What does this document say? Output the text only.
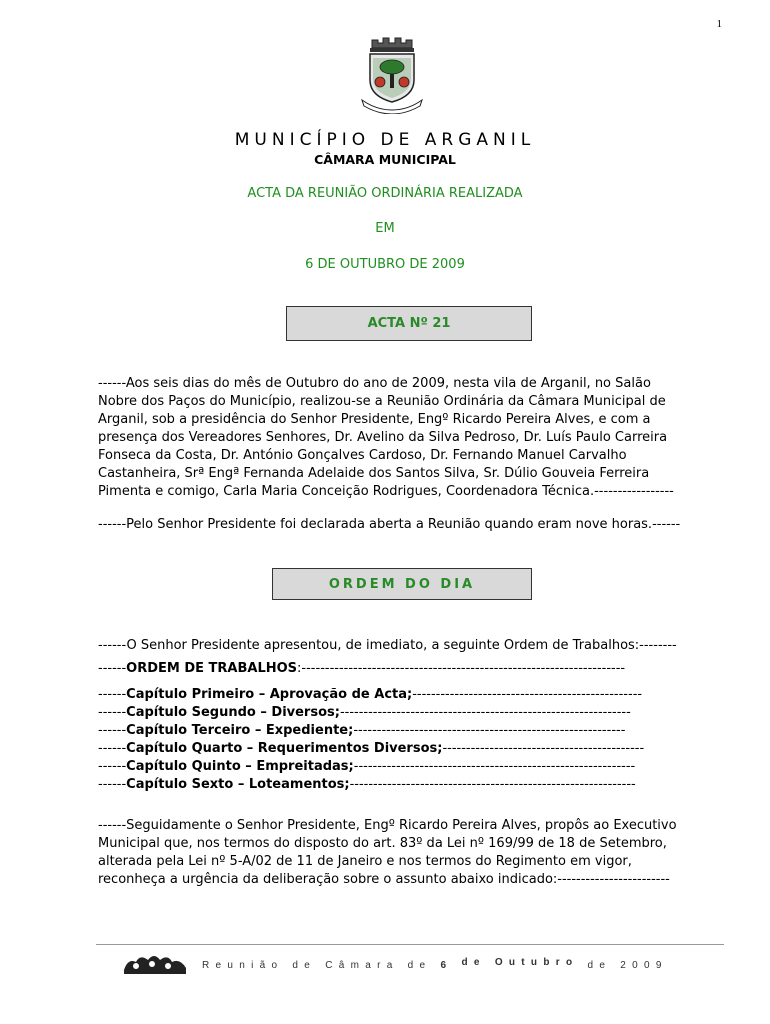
1
MUNICÍPIO DE ARGANIL
CÂMARA MUNICIPAL
ACTA DA REUNIÃO ORDINÁRIA REALIZADA
EM
6 DE OUTUBRO DE 2009
ACTA Nº 21
------Aos seis dias do mês de Outubro do ano de 2009, nesta vila de Arganil, no Salão
Nobre dos Paços do Município, realizou-se a Reunião Ordinária da Câmara Municipal de
Arganil, sob a presidência do Senhor Presidente, Engº Ricardo Pereira Alves, e com a
presença dos Vereadores Senhores, Dr. Avelino da Silva Pedroso, Dr. Luís Paulo Carreira
Fonseca da Costa, Dr. António Gonçalves Cardoso, Dr. Fernando Manuel Carvalho
Castanheira, Srª Engª Fernanda Adelaide dos Santos Silva, Sr. Dúlio Gouveia Ferreira
Pimenta e comigo, Carla Maria Conceição Rodrigues, Coordenadora Técnica.-----------------
------Pelo Senhor Presidente foi declarada aberta a Reunião quando eram nove horas.------
ORDEM DO DIA
------O Senhor Presidente apresentou, de imediato, a seguinte Ordem de Trabalhos:--------
------ORDEM DE TRABALHOS:---------------------------------------------------------------------
------Capítulo Primeiro – Aprovação de Acta;-------------------------------------------------
------Capítulo Segundo – Diversos;--------------------------------------------------------------
------Capítulo Terceiro – Expediente;----------------------------------------------------------
------Capítulo Quarto – Requerimentos Diversos;-------------------------------------------
------Capítulo Quinto – Empreitadas;------------------------------------------------------------
------Capítulo Sexto – Loteamentos;-------------------------------------------------------------
------Seguidamente o Senhor Presidente, Engº Ricardo Pereira Alves, propôs ao Executivo
Municipal que, nos termos do disposto do art. 83º da Lei nº 169/99 de 18 de Setembro,
alterada pela Lei nº 5-A/02 de 11 de Janeiro e nos termos do Regimento em vigor,
reconheça a urgência da deliberação sobre o assunto abaixo indicado:------------------------
Reunião de Câmara de 6 de Outubro de 2009
